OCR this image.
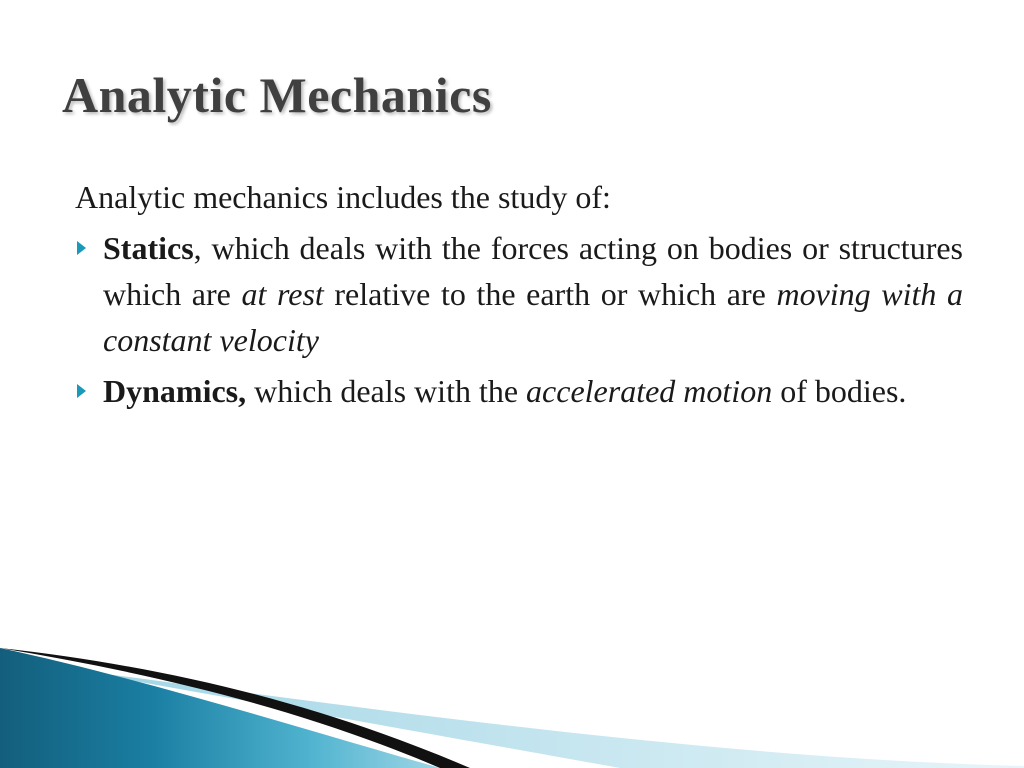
Analytic Mechanics

Analytic mechanics includes the study of:

Statics, which deals with the forces acting on bodies or structures which are at rest relative to the earth or which are moving with a constant velocity
Dynamics, which deals with the accelerated motion of bodies.
